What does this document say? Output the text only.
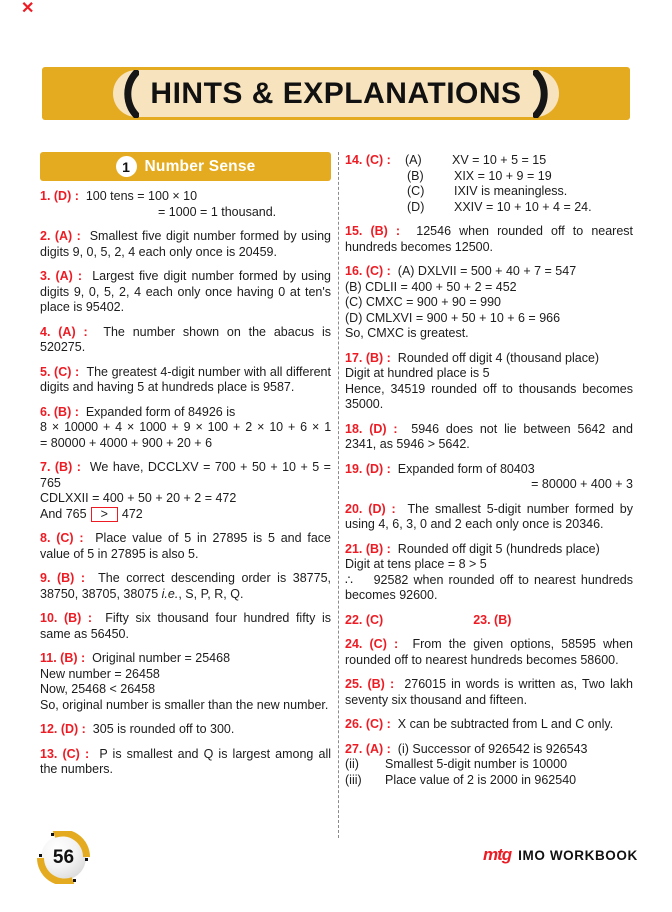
✕
HINTS & EXPLANATIONS
1 Number Sense

1. (D) : 100 tens = 100 × 10

= 1000 = 1 thousand.

2. (A) : Smallest five digit number formed by using digits 9, 0, 5, 2, 4 each only once is 20459.

3. (A) : Largest five digit number formed by using digits 9, 0, 5, 2, 4 each only once having 0 at ten's place is 95402.

4. (A) : The number shown on the abacus is 520275.

5. (C) : The greatest 4-digit number with all different digits and having 5 at hundreds place is 9587.

6. (B) : Expanded form of 84926 is

8 × 10000 + 4 × 1000 + 9 × 100 + 2 × 10 + 6 × 1
= 80000 + 4000 + 900 + 20 + 6

7. (B) : We have, DCCLXV = 700 + 50 + 10 + 5 = 765

CDLXXII = 400 + 50 + 20 + 2 = 472
And 765 > 472

8. (C) : Place value of 5 in 27895 is 5 and face value of 5 in 27895 is also 5.

9. (B) : The correct descending order is 38775, 38750, 38705, 38075 i.e., S, P, R, Q.

10. (B) : Fifty six thousand four hundred fifty is same as 56450.

11. (B) : Original number = 25468

New number = 26458
Now, 25468 < 26458
So, original number is smaller than the new number.

12. (D) : 305 is rounded off to 300.

13. (C) : P is smallest and Q is largest among all the numbers.

14. (C) : (A) XV = 10 + 5 = 15

(B) XIX = 10 + 9 = 19
(C) IXIV is meaningless.
(D) XXIV = 10 + 10 + 4 = 24.

15. (B) : 12546 when rounded off to nearest hundreds becomes 12500.

16. (C) : (A) DXLVII = 500 + 40 + 7 = 547

(B) CDLII = 400 + 50 + 2 = 452
(C) CMXC = 900 + 90 = 990
(D) CMLXVI = 900 + 50 + 10 + 6 = 966
So, CMXC is greatest.

17. (B) : Rounded off digit 4 (thousand place)

Digit at hundred place is 5
Hence, 34519 rounded off to thousands becomes 35000.

18. (D) : 5946 does not lie between 5642 and 2341, as 5946 > 5642.

19. (D) : Expanded form of 80403

= 80000 + 400 + 3

20. (D) : The smallest 5-digit number formed by using 4, 6, 3, 0 and 2 each only once is 20346.

21. (B) : Rounded off digit 5 (hundreds place)

Digit at tens place = 8 > 5
∴    92582 when rounded off to nearest hundreds becomes 92600.

22. (C)	23. (B)

24. (C) : From the given options, 58595 when rounded off to nearest hundreds becomes 58600.

25. (B) : 276015 in words is written as, Two lakh seventy six thousand and fifteen.

26. (C) : X can be subtracted from L and C only.

27. (A) : (i) Successor of 926542 is 926543

(ii) Smallest 5-digit number is 10000
(iii) Place value of 2 is 2000 in 962540
56	mtg IMO WORKBOOK
